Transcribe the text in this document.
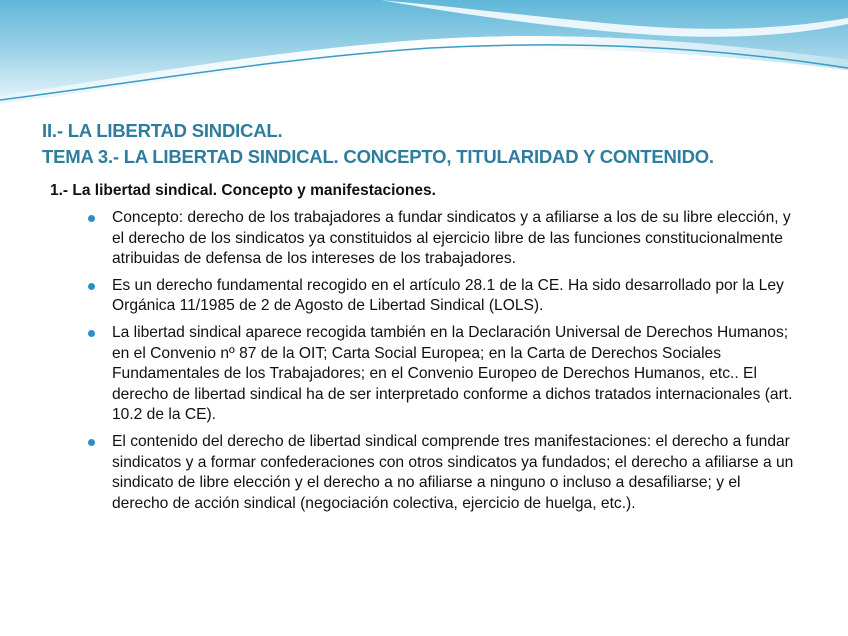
II.- LA LIBERTAD SINDICAL.
TEMA 3.- LA LIBERTAD SINDICAL. CONCEPTO, TITULARIDAD Y CONTENIDO.
1.- La libertad sindical. Concepto y manifestaciones.
Concepto: derecho de los trabajadores a fundar sindicatos y a afiliarse a los de su libre elección, y el derecho de los sindicatos ya constituidos al ejercicio libre de las funciones constitucionalmente atribuidas de defensa de los intereses de los trabajadores.
Es un derecho fundamental recogido en el artículo 28.1 de la CE. Ha sido desarrollado por la Ley Orgánica 11/1985 de 2 de Agosto de Libertad Sindical (LOLS).
La libertad sindical aparece recogida también en la Declaración Universal de Derechos Humanos; en el Convenio nº 87 de la OIT; Carta Social Europea; en la Carta de Derechos Sociales Fundamentales de los Trabajadores; en el Convenio Europeo de Derechos Humanos, etc.. El derecho de libertad sindical ha de ser interpretado conforme a dichos tratados internacionales (art. 10.2 de la CE).
El contenido del derecho de libertad sindical comprende tres manifestaciones: el derecho a fundar sindicatos y a formar confederaciones con otros sindicatos ya fundados; el derecho a afiliarse a un sindicato de libre elección y el derecho a no afiliarse a ninguno o incluso a desafiliarse; y el derecho de acción sindical (negociación colectiva, ejercicio de huelga, etc.).
